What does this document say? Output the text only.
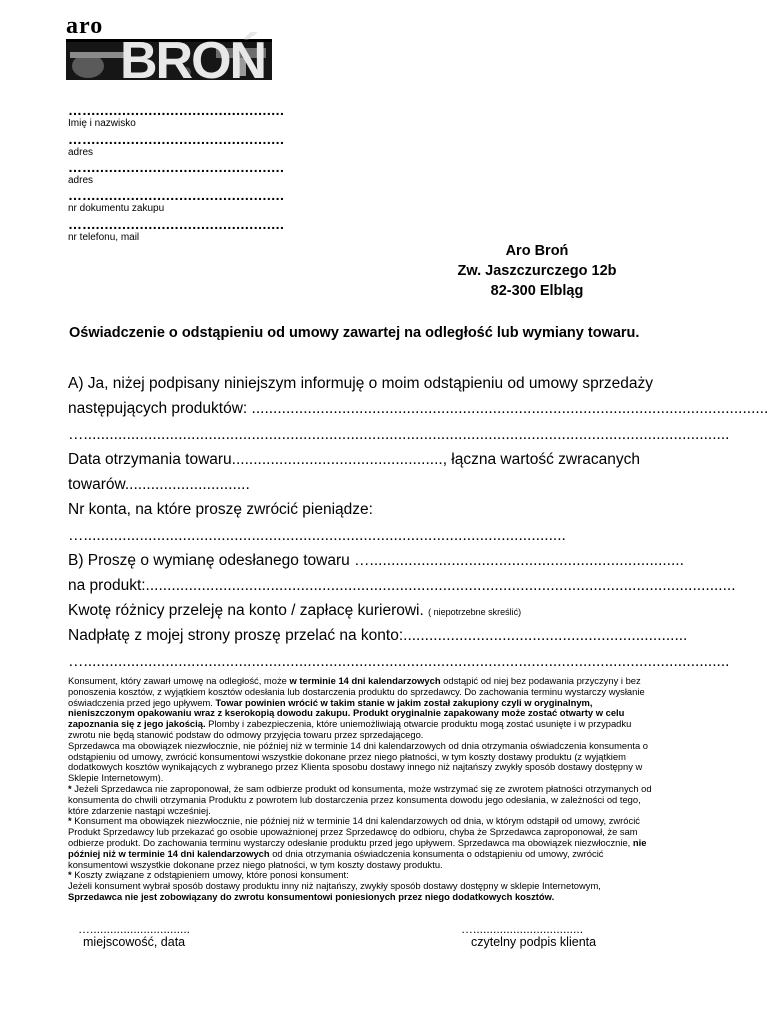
aro
BROŃ
…..............................................
Imię i nazwisko
…..............................................
adres
…..............................................
adres
…..............................................
nr dokumentu zakupu
…..............................................
nr telefonu, mail
Aro Broń
Zw. Jaszczurczego 12b
82-300 Elbląg
Oświadczenie o odstąpieniu od umowy zawartej na odległość lub wymiany towaru.
A) Ja, niżej podpisany niniejszym informuję o moim odstąpieniu od umowy sprzedaży
następujących produktów: ........................................................................................................................
…......................................................................................................................................................
Data otrzymania towaru................................................., łączna wartość zwracanych
towarów.............................
Nr konta, na które proszę zwrócić pieniądze:
…................................................................................................................
B) Proszę o wymianę odesłanego towaru ….........................................................................
na produkt:.........................................................................................................................................
Kwotę różnicy przeleję na konto / zapłacę kurierowi. ( niepotrzebne skreślić)
Nadpłatę z mojej strony proszę przelać na konto:..................................................................
…......................................................................................................................................................

Konsument, który zawarł umowę na odległość, może w terminie 14 dni kalendarzowych odstąpić od niej bez podawania przyczyny i bez ponoszenia kosztów, z wyjątkiem kosztów odesłania lub dostarczenia produktu do sprzedawcy. Do zachowania terminu wystarczy wysłanie oświadczenia przed jego upływem. Towar powinien wrócić w takim stanie w jakim został zakupiony czyli w oryginalnym, nieniszczonym opakowaniu wraz z kserokopią dowodu zakupu. Produkt oryginalnie zapakowany może zostać otwarty w celu zapoznania się z jego jakością. Plomby i zabezpieczenia, które uniemożliwiają otwarcie produktu mogą zostać usunięte i w przypadku zwrotu nie będą stanowić podstaw do odmowy przyjęcia towaru przez sprzedającego.

Sprzedawca ma obowiązek niezwłocznie, nie później niż w terminie 14 dni kalendarzowych od dnia otrzymania oświadczenia konsumenta o odstąpieniu od umowy, zwrócić konsumentowi wszystkie dokonane przez niego płatności, w tym koszty dostawy produktu (z wyjątkiem dodatkowych kosztów wynikających z wybranego przez Klienta sposobu dostawy innego niż najtańszy zwykły sposób dostawy dostępny w Sklepie Internetowym).

* Jeżeli Sprzedawca nie zaproponował, że sam odbierze produkt od konsumenta, może wstrzymać się ze zwrotem płatności otrzymanych od konsumenta do chwili otrzymania Produktu z powrotem lub dostarczenia przez konsumenta dowodu jego odesłania, w zależności od tego, które zdarzenie nastąpi wcześniej.

* Konsument ma obowiązek niezwłocznie, nie później niż w terminie 14 dni kalendarzowych od dnia, w którym odstąpił od umowy, zwrócić Produkt Sprzedawcy lub przekazać go osobie upoważnionej przez Sprzedawcę do odbioru, chyba że Sprzedawca zaproponował, że sam odbierze produkt. Do zachowania terminu wystarczy odesłanie produktu przed jego upływem. Sprzedawca ma obowiązek niezwłocznie, nie później niż w terminie 14 dni kalendarzowych od dnia otrzymania oświadczenia konsumenta o odstąpieniu od umowy, zwrócić konsumentowi wszystkie dokonane przez niego płatności, w tym koszty dostawy produktu.

* Koszty związane z odstąpieniem umowy, które ponosi konsument:

Jeżeli konsument wybrał sposób dostawy produktu inny niż najtańszy, zwykły sposób dostawy dostępny w sklepie Internetowym,

Sprzedawca nie jest zobowiązany do zwrotu konsumentowi poniesionych przez niego dodatkowych kosztów.

…..............................
miejscowość, data
….................................
czytelny podpis klienta
